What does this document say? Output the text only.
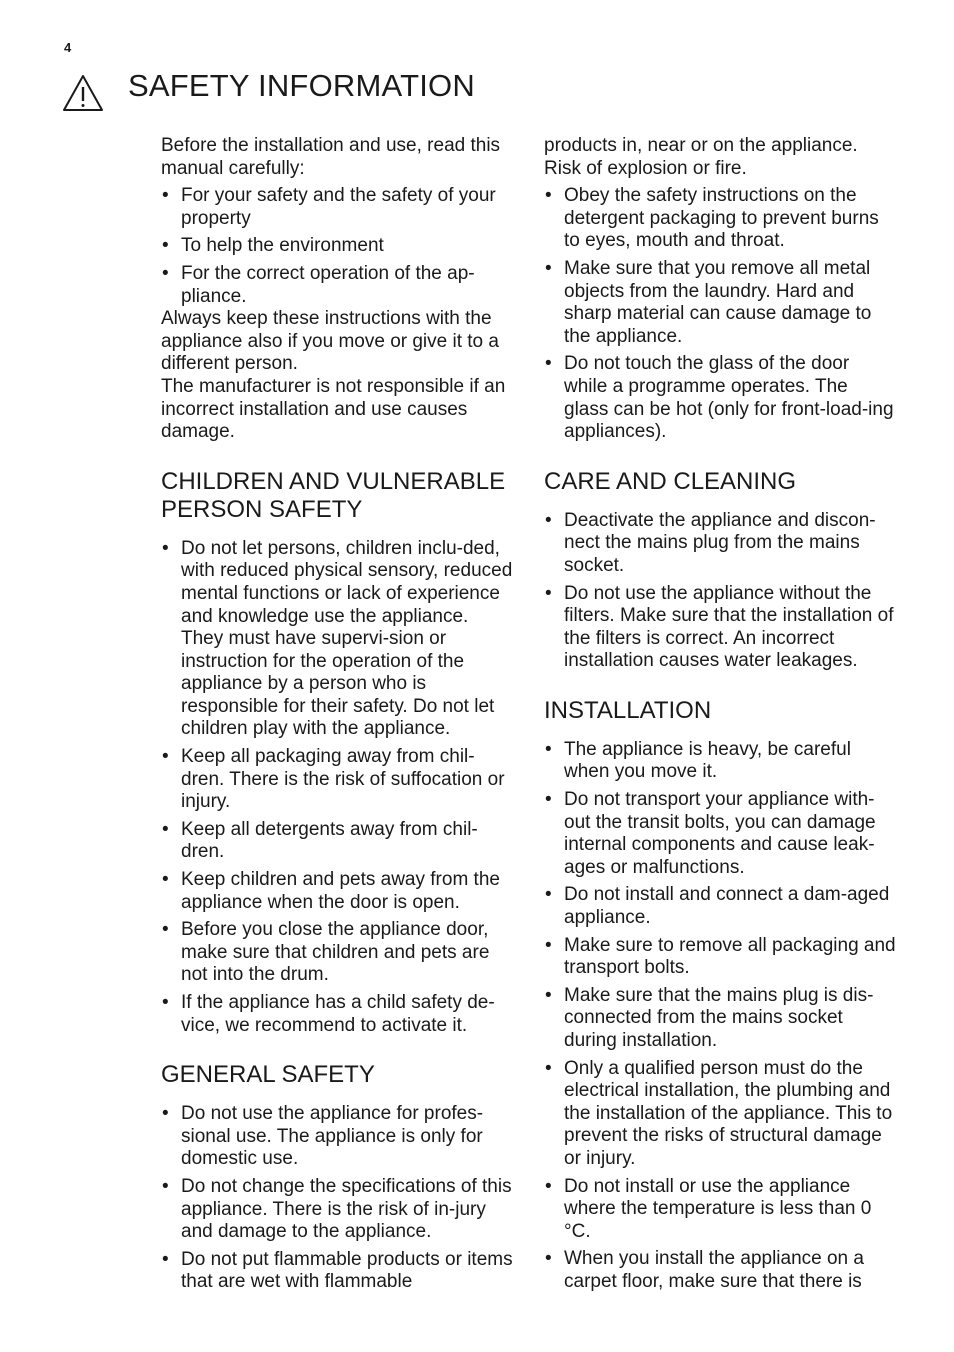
4
SAFETY INFORMATION

Before the installation and use, read this manual carefully:

• For your safety and the safety of your property
• To help the environment
• For the correct operation of the ap-pliance.

Always keep these instructions with the appliance also if you move or give it to a different person.

The manufacturer is not responsible if an incorrect installation and use causes damage.

CHILDREN AND VULNERABLE PERSON SAFETY
• Do not let persons, children inclu-ded, with reduced physical sensory, reduced mental functions or lack of experience and knowledge use the appliance. They must have supervi-sion or instruction for the operation of the appliance by a person who is responsible for their safety. Do not let children play with the appliance.
• Keep all packaging away from chil-dren. There is the risk of suffocation or injury.
• Keep all detergents away from chil-dren.
• Keep children and pets away from the appliance when the door is open.
• Before you close the appliance door, make sure that children and pets are not into the drum.
• If the appliance has a child safety de-vice, we recommend to activate it.
GENERAL SAFETY
• Do not use the appliance for profes-sional use. The appliance is only for domestic use.
• Do not change the specifications of this appliance. There is the risk of in-jury and damage to the appliance.
• Do not put flammable products or items that are wet with flammable

products in, near or on the appliance. Risk of explosion or fire.

• Obey the safety instructions on the detergent packaging to prevent burns to eyes, mouth and throat.
• Make sure that you remove all metal objects from the laundry. Hard and sharp material can cause damage to the appliance.
• Do not touch the glass of the door while a programme operates. The glass can be hot (only for front-load-ing appliances).
CARE AND CLEANING
• Deactivate the appliance and discon-nect the mains plug from the mains socket.
• Do not use the appliance without the filters. Make sure that the installation of the filters is correct. An incorrect installation causes water leakages.
INSTALLATION
• The appliance is heavy, be careful when you move it.
• Do not transport your appliance with-out the transit bolts, you can damage internal components and cause leak-ages or malfunctions.
• Do not install and connect a dam-aged appliance.
• Make sure to remove all packaging and transport bolts.
• Make sure that the mains plug is dis-connected from the mains socket during installation.
• Only a qualified person must do the electrical installation, the plumbing and the installation of the appliance. This to prevent the risks of structural damage or injury.
• Do not install or use the appliance where the temperature is less than 0 °C.
• When you install the appliance on a carpet floor, make sure that there is
